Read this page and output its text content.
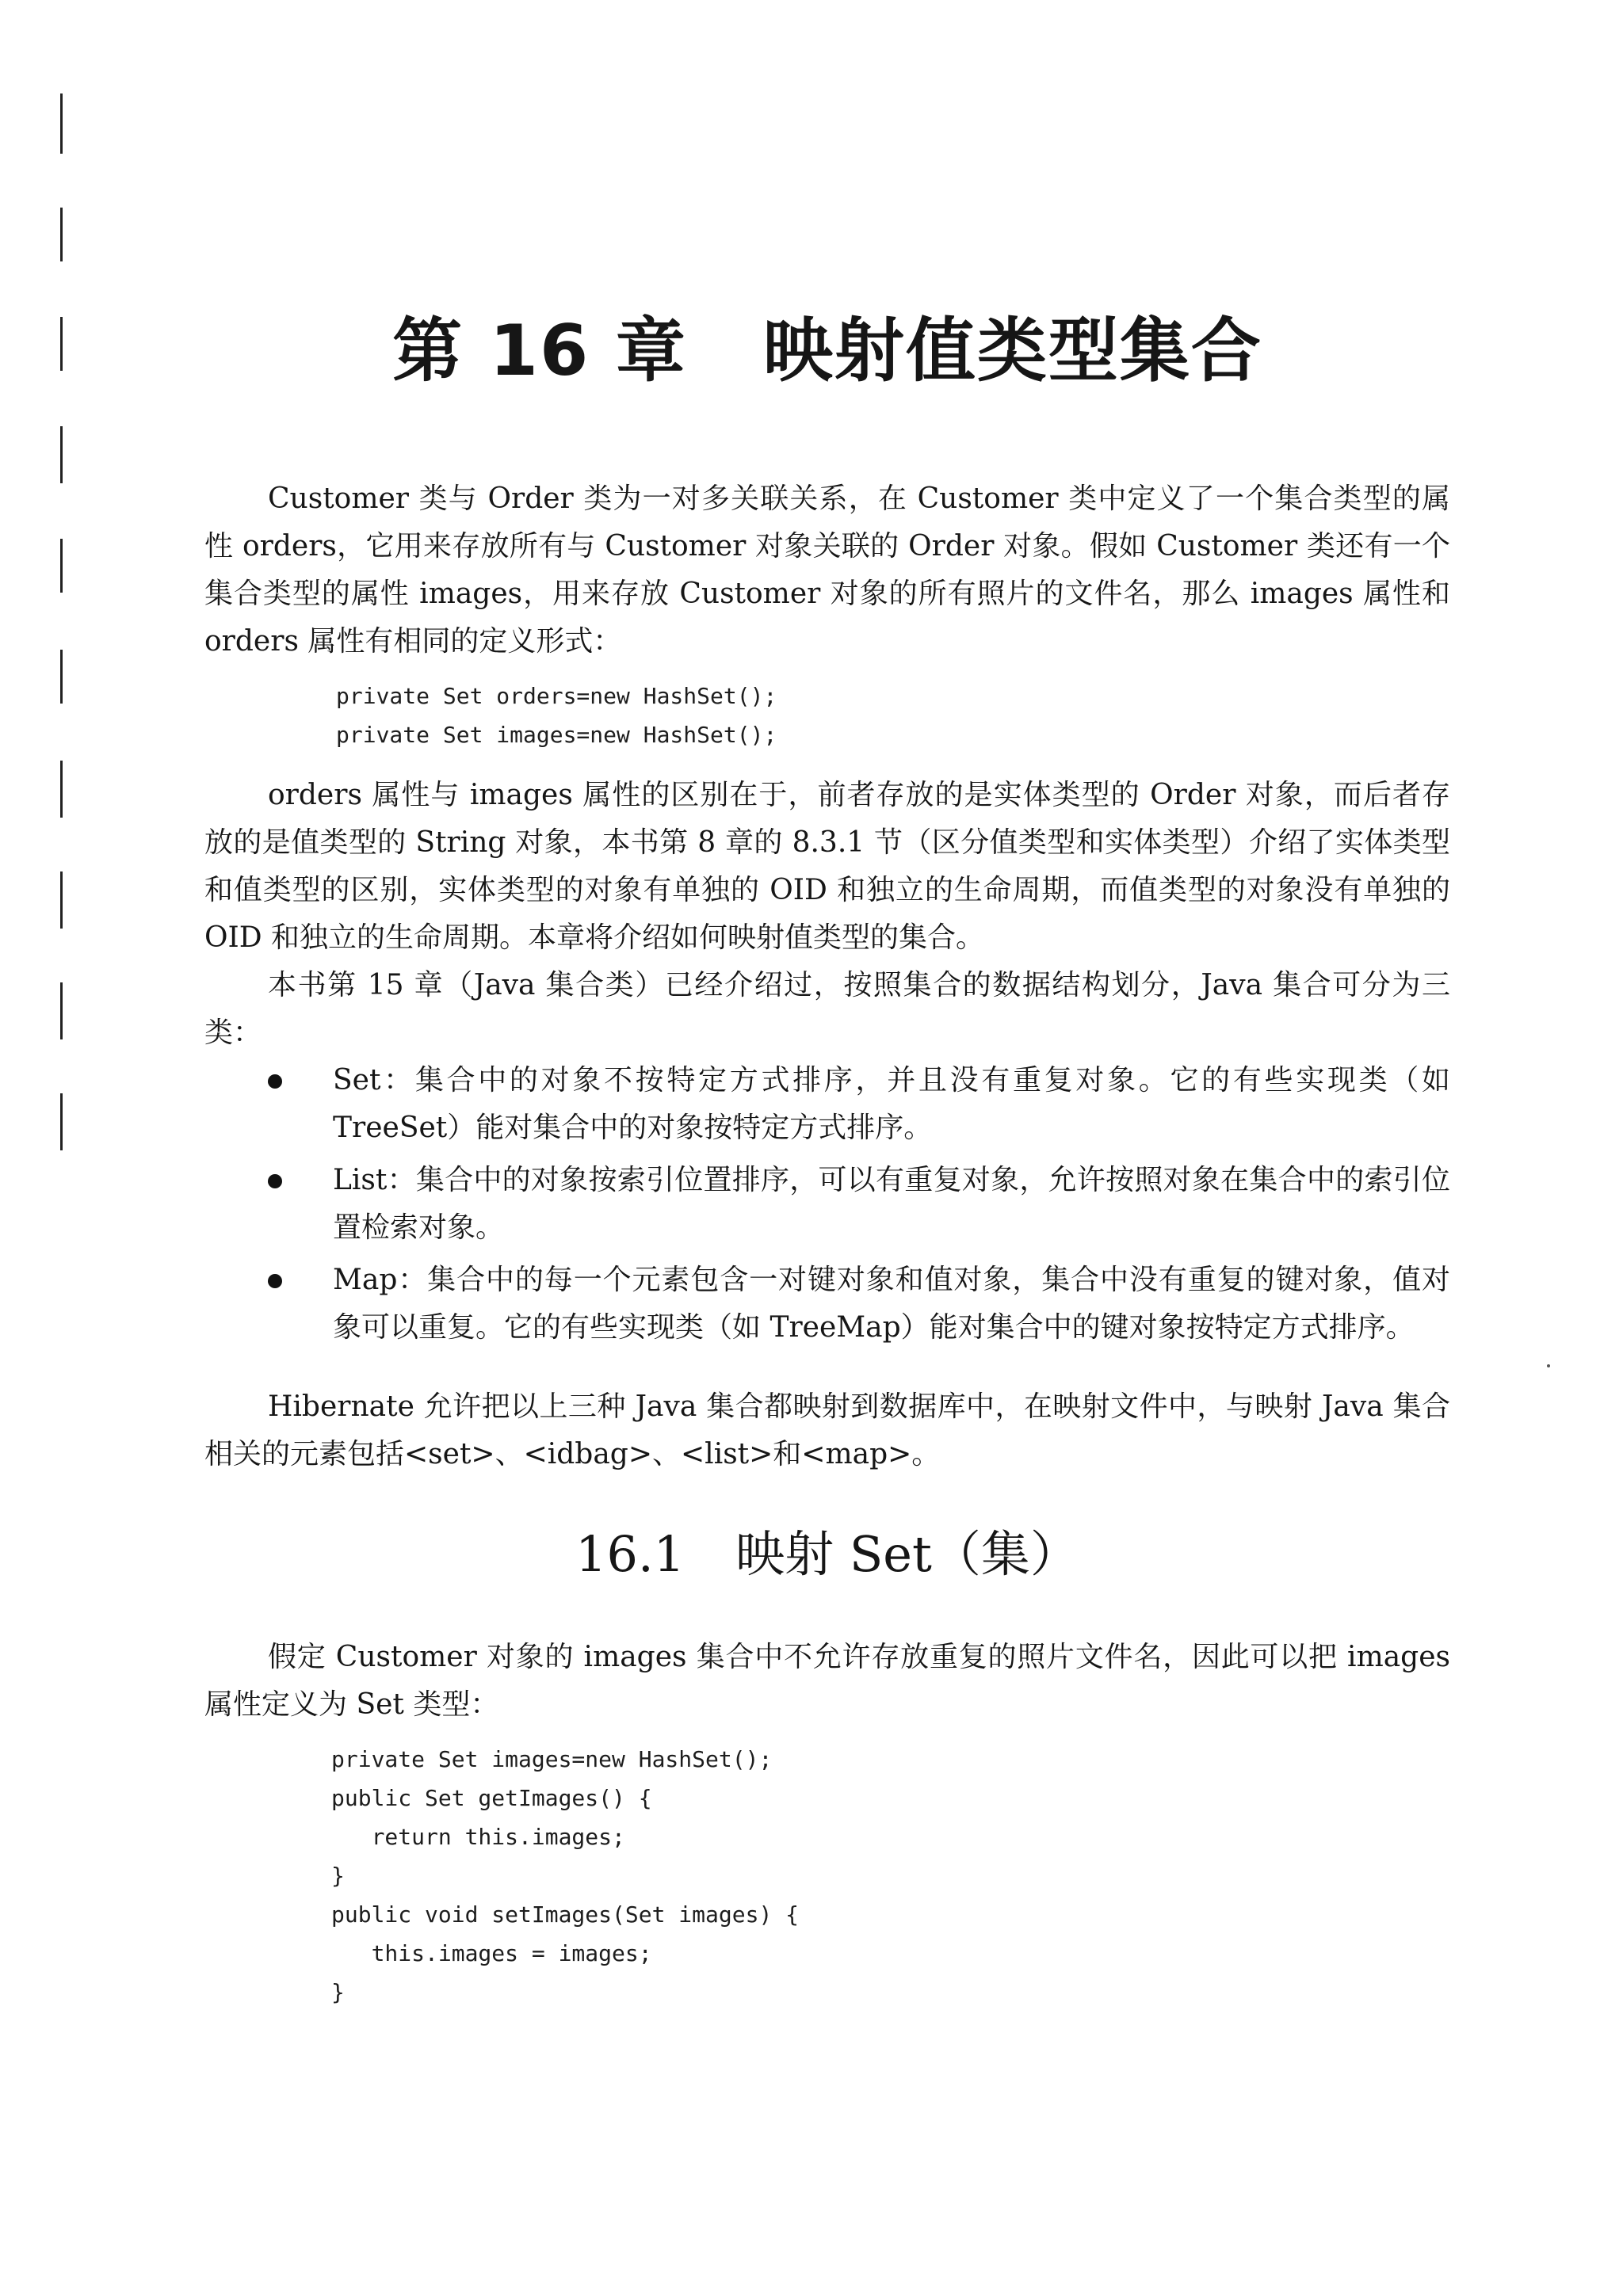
第 16 章 映射值类型集合

Customer 类与 Order 类为一对多关联关系，在 Customer 类中定义了一个集合类型的属性 orders，它用来存放所有与 Customer 对象关联的 Order 对象。假如 Customer 类还有一个集合类型的属性 images，用来存放 Customer 对象的所有照片的文件名，那么 images 属性和 orders 属性有相同的定义形式：

private Set orders=new HashSet();
private Set images=new HashSet();

orders 属性与 images 属性的区别在于，前者存放的是实体类型的 Order 对象，而后者存放的是值类型的 String 对象，本书第 8 章的 8.3.1 节（区分值类型和实体类型）介绍了实体类型和值类型的区别，实体类型的对象有单独的 OID 和独立的生命周期，而值类型的对象没有单独的 OID 和独立的生命周期。本章将介绍如何映射值类型的集合。

本书第 15 章（Java 集合类）已经介绍过，按照集合的数据结构划分，Java 集合可分为三类：

Set：集合中的对象不按特定方式排序，并且没有重复对象。它的有些实现类（如 TreeSet）能对集合中的对象按特定方式排序。
List：集合中的对象按索引位置排序，可以有重复对象，允许按照对象在集合中的索引位置检索对象。
Map：集合中的每一个元素包含一对键对象和值对象，集合中没有重复的键对象，值对象可以重复。它的有些实现类（如 TreeMap）能对集合中的键对象按特定方式排序。

Hibernate 允许把以上三种 Java 集合都映射到数据库中，在映射文件中，与映射 Java 集合相关的元素包括<set>、<idbag>、<list>和<map>。

16.1 映射 Set（集）

假定 Customer 对象的 images 集合中不允许存放重复的照片文件名，因此可以把 images 属性定义为 Set 类型：

private Set images=new HashSet();
public Set getImages() {
return this.images;
}
public void setImages(Set images) {
this.images = images;
}
